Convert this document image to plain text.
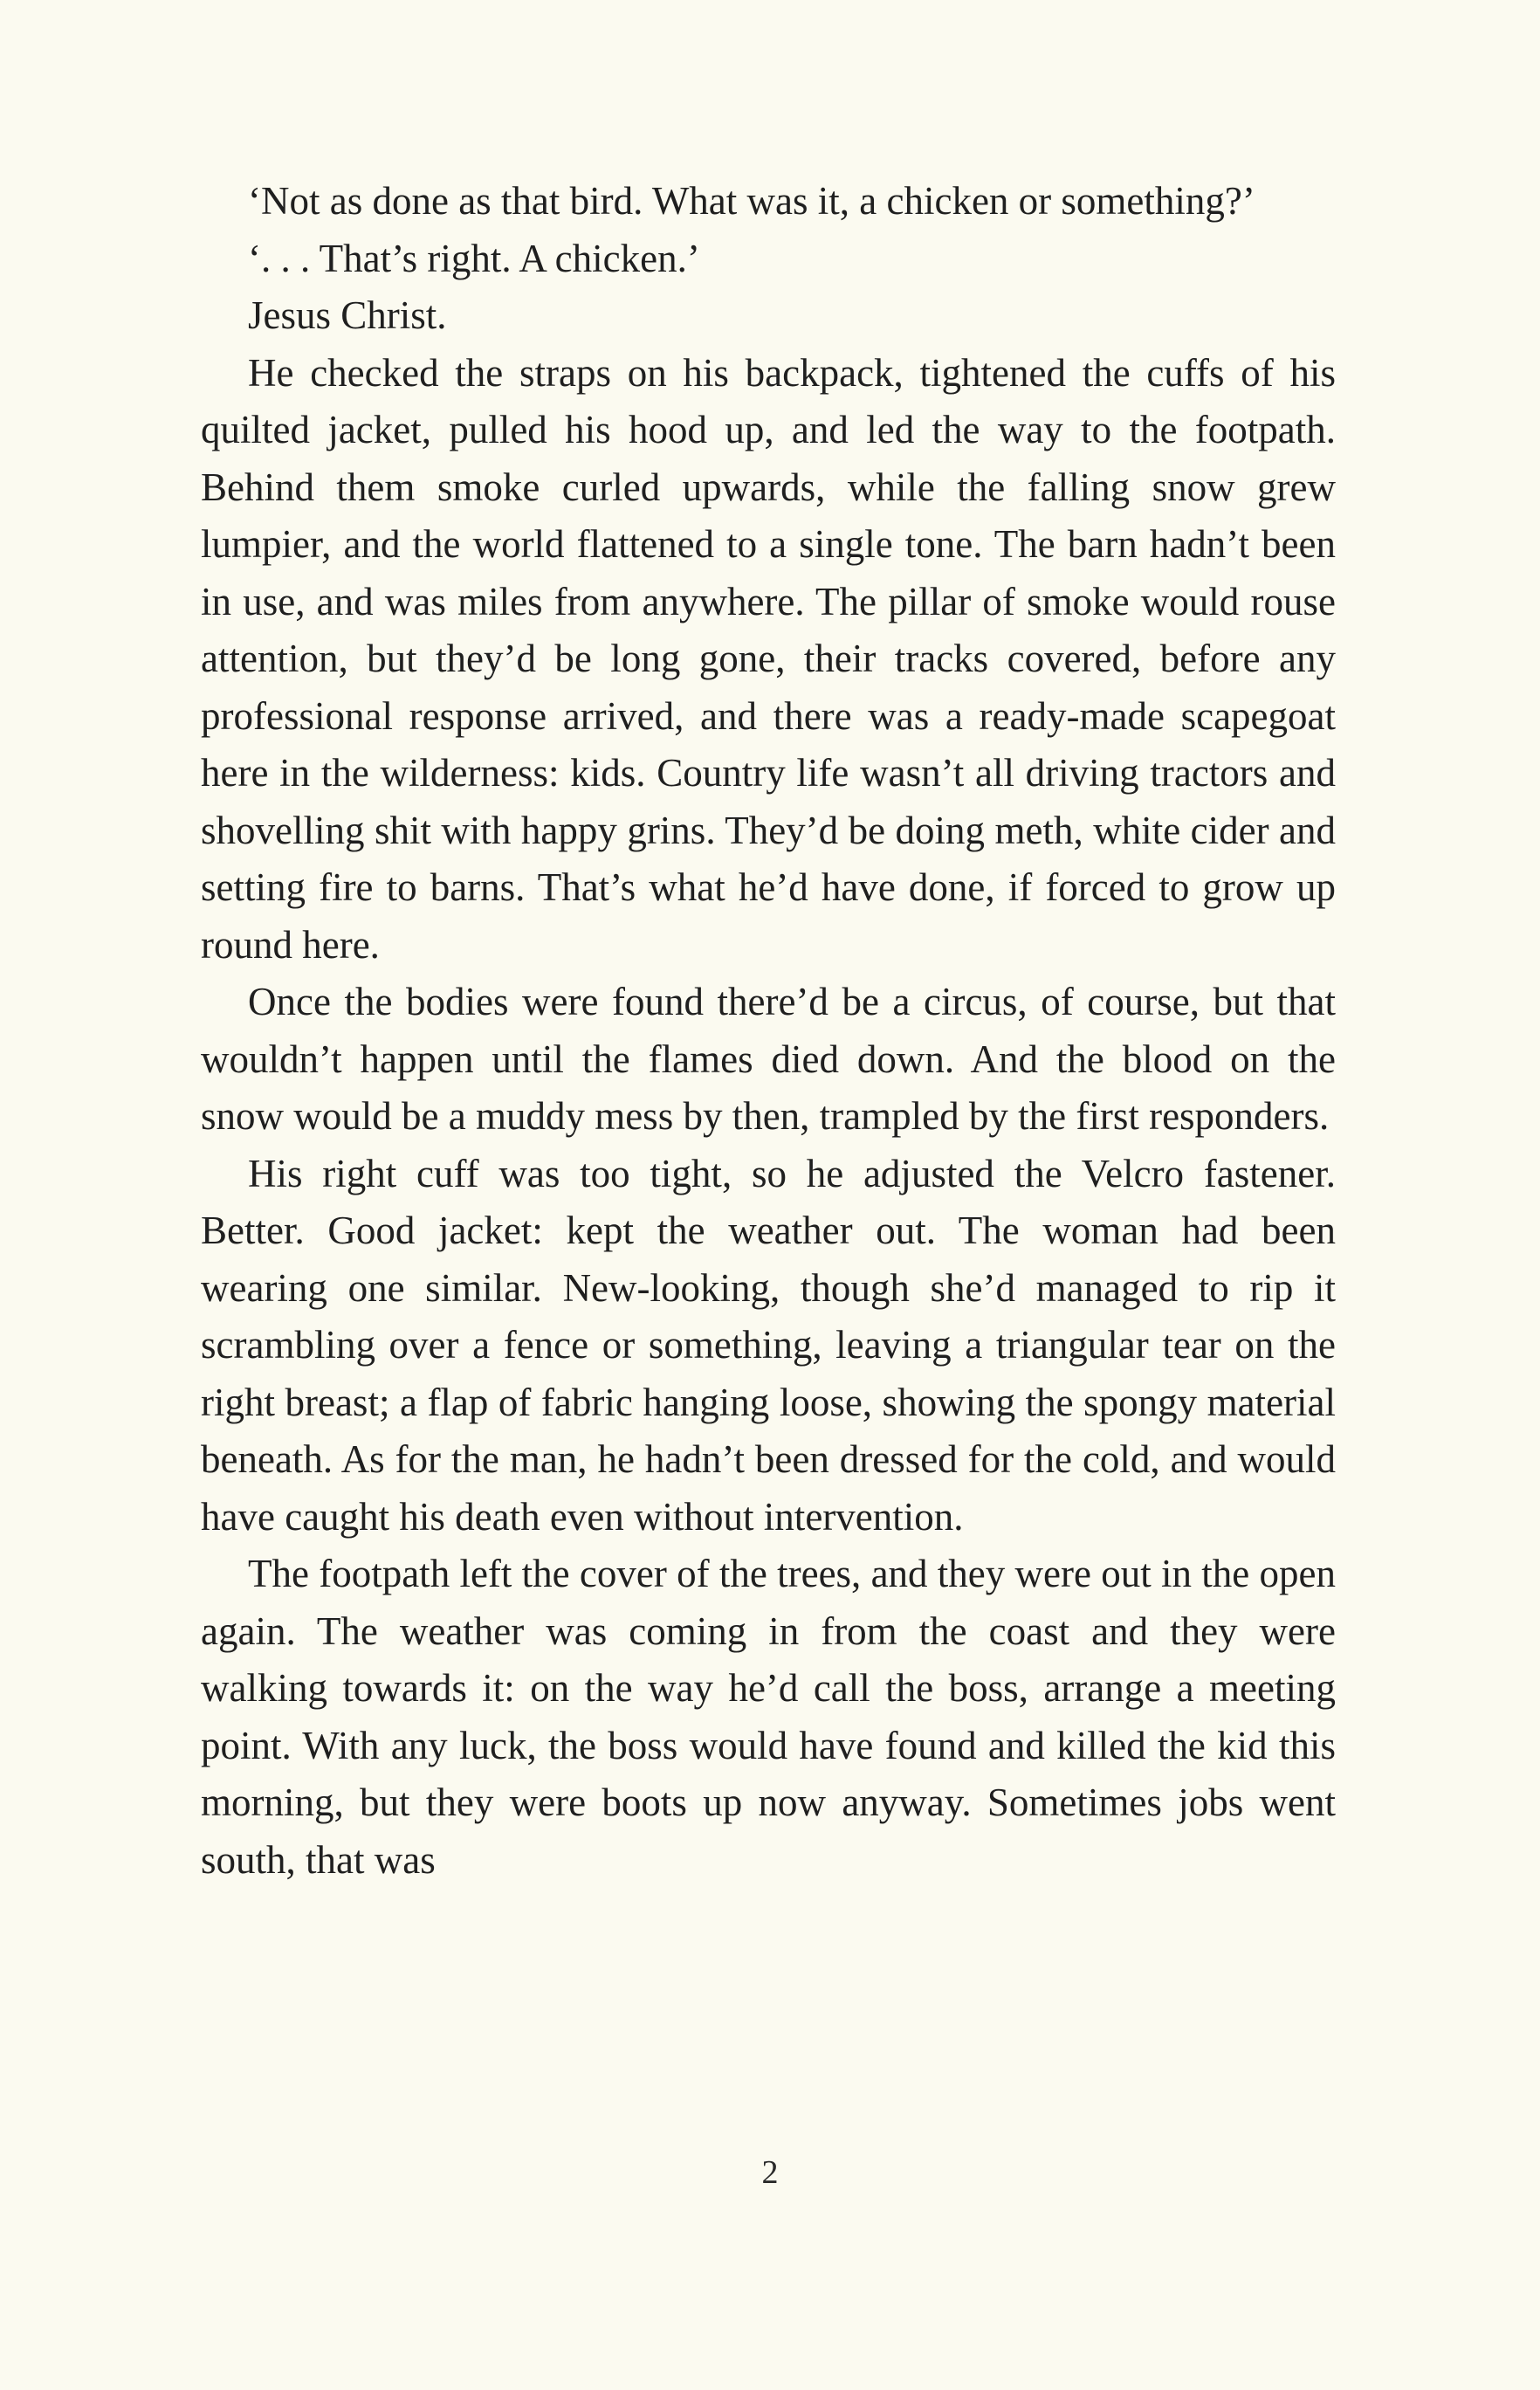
‘Not as done as that bird. What was it, a chicken or something?’

‘. . . That’s right. A chicken.’

Jesus Christ.

He checked the straps on his backpack, tightened the cuffs of his quilted jacket, pulled his hood up, and led the way to the footpath. Behind them smoke curled upwards, while the falling snow grew lumpier, and the world flattened to a single tone. The barn hadn’t been in use, and was miles from anywhere. The pillar of smoke would rouse attention, but they’d be long gone, their tracks covered, before any professional response arrived, and there was a ready-made scapegoat here in the wilderness: kids. Country life wasn’t all driving tractors and shovelling shit with happy grins. They’d be doing meth, white cider and setting fire to barns. That’s what he’d have done, if forced to grow up round here.

Once the bodies were found there’d be a circus, of course, but that wouldn’t happen until the flames died down. And the blood on the snow would be a muddy mess by then, trampled by the first responders.

His right cuff was too tight, so he adjusted the Velcro fastener. Better. Good jacket: kept the weather out. The woman had been wearing one similar. New-looking, though she’d managed to rip it scrambling over a fence or something, leaving a triangular tear on the right breast; a flap of fabric hanging loose, showing the spongy material beneath. As for the man, he hadn’t been dressed for the cold, and would have caught his death even without intervention.

The footpath left the cover of the trees, and they were out in the open again. The weather was coming in from the coast and they were walking towards it: on the way he’d call the boss, arrange a meeting point. With any luck, the boss would have found and killed the kid this morning, but they were boots up now anyway. Sometimes jobs went south, that was

2
